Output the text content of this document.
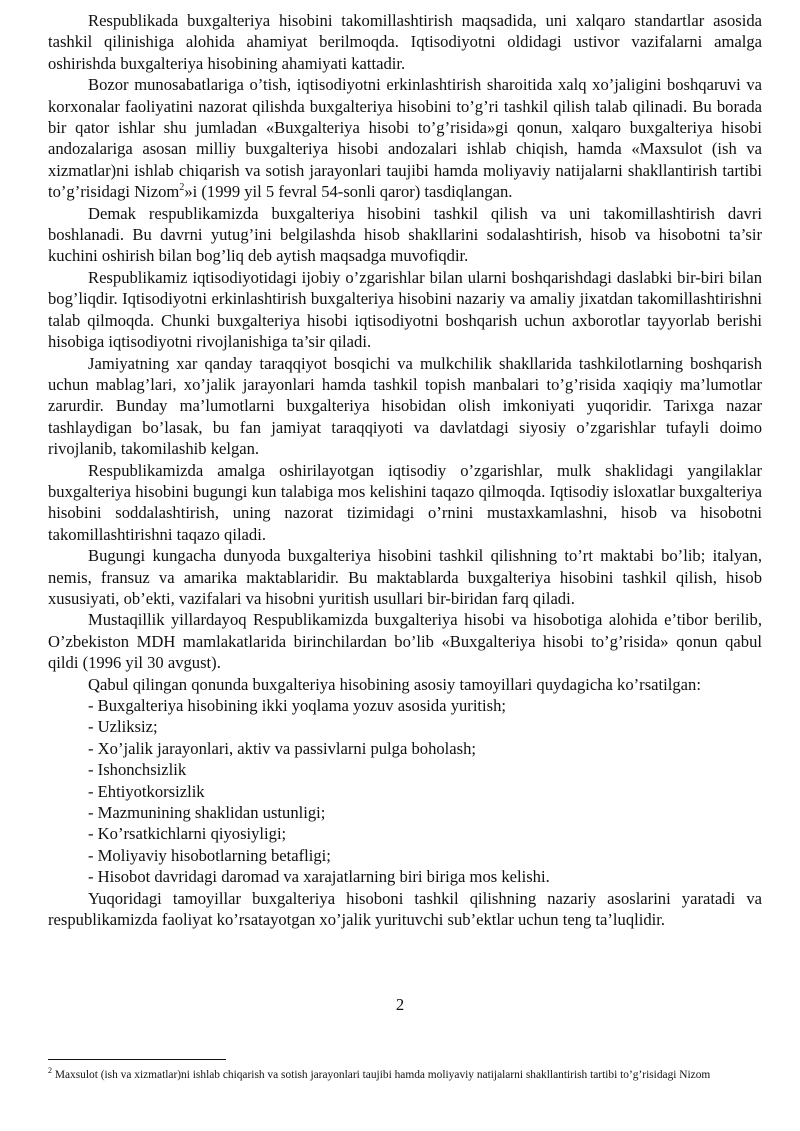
Respublikada buxgalteriya hisobini takomillashtirish maqsadida, uni xalqaro standartlar asosida tashkil qilinishiga alohida ahamiyat berilmoqda. Iqtisodiyotni oldidagi ustivor vazifalarni amalga oshirishda buxgalteriya hisobining ahamiyati kattadir.

Bozor munosabatlariga o’tish, iqtisodiyotni erkinlashtirish sharoitida xalq xo’jaligini boshqaruvi va korxonalar faoliyatini nazorat qilishda buxgalteriya hisobini to’g’ri tashkil qilish talab qilinadi. Bu borada bir qator ishlar shu jumladan «Buxgalteriya hisobi to’g’risida»gi qonun, xalqaro buxgalteriya hisobi andozalariga asosan milliy buxgalteriya hisobi andozalari ishlab chiqish, hamda «Maxsulot (ish va xizmatlar)ni ishlab chiqarish va sotish jarayonlari taujibi hamda moliyaviy natijalarni shakllantirish tartibi to’g’risidagi Nizom$^2$»i (1999 yil 5 fevral 54-sonli qaror) tasdiqlangan.

Demak respublikamizda buxgalteriya hisobini tashkil qilish va uni takomillashtirish davri boshlanadi. Bu davrni yutug’ini belgilashda hisob shakllarini sodalashtirish, hisob va hisobotni ta’sir kuchini oshirish bilan bog’liq deb aytish maqsadga muvofiqdir.

Respublikamiz iqtisodiyotidagi ijobiy o’zgarishlar bilan ularni boshqarishdagi daslabki bir-biri bilan bog’liqdir. Iqtisodiyotni erkinlashtirish buxgalteriya hisobini nazariy va amaliy jixatdan takomillashtirishni talab qilmoqda. Chunki buxgalteriya hisobi iqtisodiyotni boshqarish uchun axborotlar tayyorlab berishi hisobiga iqtisodiyotni rivojlanishiga ta’sir qiladi.

Jamiyatning xar qanday taraqqiyot bosqichi va mulkchilik shakllarida tashkilotlarning boshqarish uchun mablag’lari, xo’jalik jarayonlari hamda tashkil topish manbalari to’g’risida xaqiqiy ma’lumotlar zarurdir. Bunday ma’lumotlarni buxgalteriya hisobidan olish imkoniyati yuqoridir. Tarixga nazar tashlaydigan bo’lasak, bu fan jamiyat taraqqiyoti va davlatdagi siyosiy o’zgarishlar tufayli doimo rivojlanib, takomilashib kelgan.

Respublikamizda amalga oshirilayotgan iqtisodiy o’zgarishlar, mulk shaklidagi yangilaklar buxgalteriya hisobini bugungi kun talabiga mos kelishini taqazo qilmoqda. Iqtisodiy isloxatlar buxgalteriya hisobini soddalashtirish, uning nazorat tizimidagi o’rnini mustaxkamlashni, hisob va hisobotni takomillashtirishni taqazo qiladi.

Bugungi kungacha dunyoda buxgalteriya hisobini tashkil qilishning to’rt maktabi bo’lib; italyan, nemis, fransuz va amarika maktablaridir. Bu maktablarda buxgalteriya hisobini tashkil qilish, hisob xususiyati, ob’ekti, vazifalari va hisobni yuritish usullari bir-biridan farq qiladi.

Mustaqillik yillardayoq Respublikamizda buxgalteriya hisobi va hisobotiga alohida e’tibor berilib, O’zbekiston MDH mamlakatlarida birinchilardan bo’lib «Buxgalteriya hisobi to’g’risida» qonun qabul qildi (1996 yil 30 avgust).

Qabul qilingan qonunda buxgalteriya hisobining asosiy tamoyillari quydagicha ko’rsatilgan:

- Buxgalteriya hisobining ikki yoqlama yozuv asosida yuritish;
- Uzliksiz;
- Xo’jalik jarayonlari, aktiv va passivlarni pulga boholash;
- Ishonchsizlik
- Ehtiyotkorsizlik
- Mazmunining shaklidan ustunligi;
- Ko’rsatkichlarni qiyosiyligi;
- Moliyaviy hisobotlarning betafligi;
- Hisobot davridagi daromad va xarajatlarning biri biriga mos kelishi.

Yuqoridagi tamoyillar buxgalteriya hisoboni tashkil qilishning nazariy asoslarini yaratadi va respublikamizda faoliyat ko’rsatayotgan xo’jalik yurituvchi sub’ektlar uchun teng ta’luqlidir.

2

$^2$ Maxsulot (ish va xizmatlar)ni ishlab chiqarish va sotish jarayonlari taujibi hamda moliyaviy natijalarni shakllantirish tartibi to’g’risidagi Nizom
